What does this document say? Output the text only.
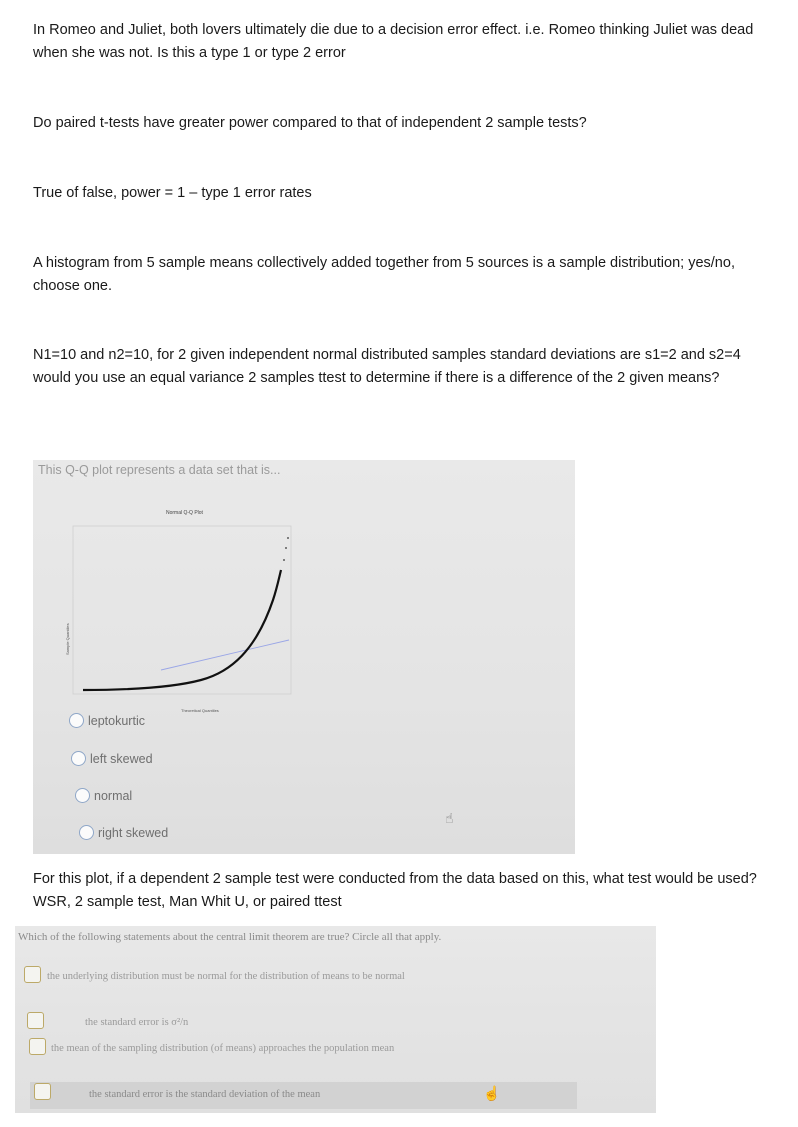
In Romeo and Juliet, both lovers ultimately die due to a decision error effect. i.e. Romeo thinking Juliet was dead when she was not. Is this a type 1 or type 2 error
Do paired t-tests have greater power compared to that of independent 2 sample tests?
True of false, power = 1 – type 1 error rates
A histogram from 5 sample means collectively added together from 5 sources is a sample distribution; yes/no, choose one.
N1=10 and n2=10, for 2 given independent normal distributed samples standard deviations are s1=2 and s2=4 would you use an equal variance 2 samples ttest to determine if there is a difference of the 2 given means?
This Q-Q plot represents a data set that is...
Normal Q-Q Plot
Sample Quantiles
Theoretical Quantiles
leptokurtic
left skewed
normal
right skewed
☝
For this plot, if a dependent 2 sample test were conducted from the data based on this, what test would be used? WSR, 2 sample test, Man Whit U, or paired ttest
Which of the following statements about the central limit theorem are true? Circle all that apply.
the underlying distribution must be normal for the distribution of means to be normal
the standard error is σ²/n
the mean of the sampling distribution (of means) approaches the population mean
the standard error is the standard deviation of the mean	☝
